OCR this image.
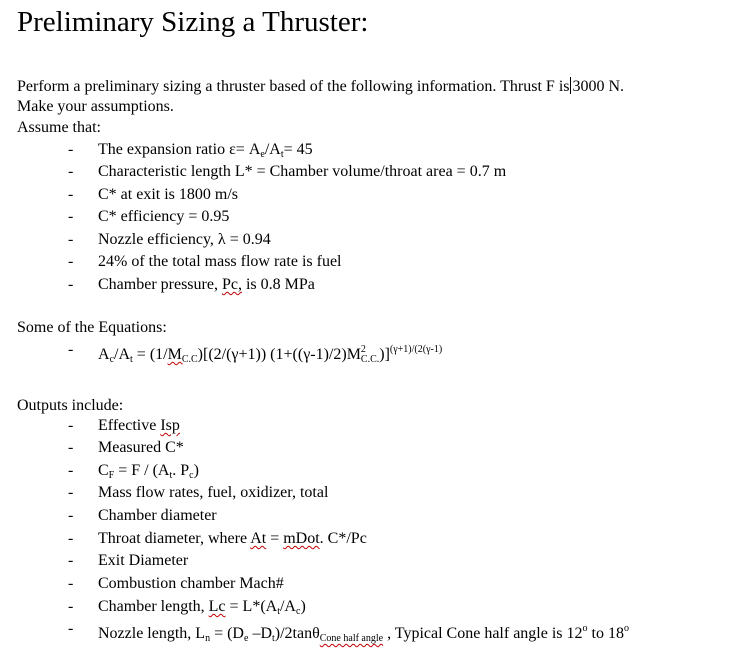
Preliminary Sizing a Thruster:
Perform a preliminary sizing a thruster based of the following information. Thrust F is 3000 N.
Make your assumptions.
Assume that:
- The expansion ratio $\varepsilon= A_e/A_t= 45$
- Characteristic length L* = Chamber volume/throat area = 0.7 m
- C* at exit is 1800 m/s
- C* efficiency = 0.95
- Nozzle efficiency, λ = 0.94
- 24% of the total mass flow rate is fuel
- Chamber pressure, Pc, is 0.8 MPa
Some of the Equations:
- $A_c/A_t = (1/M_{C.C})[(2/(\gamma+1))$ $(1+((\gamma-1)/2)M^2_{C.C.})]^{(\gamma+1)/(2(\gamma-1)}$
Outputs include:
- Effective Isp
- Measured C*
- $C_F = F / (A_t$. $P_c$)
- Mass flow rates, fuel, oxidizer, total
- Chamber diameter
- Throat diameter, where At = mDot. C*/Pc
- Exit Diameter
- Combustion chamber Mach#
- Chamber length, $Lc = L*(A_t/A_c)$
- Nozzle length, $L_n = (D_e$ $-D_t)/2\tan\theta_{Cone half angle}$ , Typical Cone half angle is 12$^o$ to 18$^o$
